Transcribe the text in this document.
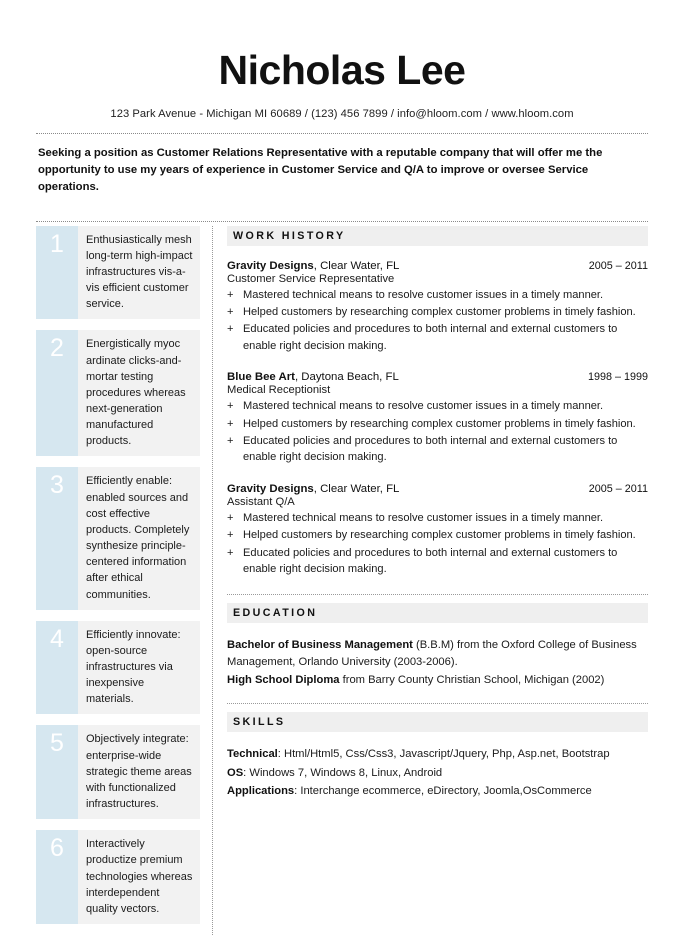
Nicholas Lee
123 Park Avenue - Michigan MI 60689 / (123) 456 7899 / info@hloom.com / www.hloom.com
Seeking a position as Customer Relations Representative with a reputable company that will offer me the opportunity to use my years of experience in Customer Service and Q/A to improve or oversee Service operations.
1	Enthusiastically mesh long-term high-impact infrastructures vis-a-vis efficient customer service.
2	Energistically myoc ardinate clicks-and-mortar testing procedures whereas next-generation manufactured products.
3	Efficiently enable: enabled sources and cost effective products. Completely synthesize principle-centered information after ethical communities.
4	Efficiently innovate: open-source infrastructures via inexpensive materials.
5	Objectively integrate: enterprise-wide strategic theme areas with functionalized infrastructures.
6	Interactively productize premium technologies whereas interdependent quality vectors.
WORK HISTORY
Gravity Designs, Clear Water, FL	2005 – 2011
Customer Service Representative
+ Mastered technical means to resolve customer issues in a timely manner.
+ Helped customers by researching complex customer problems in timely fashion.
+ Educated policies and procedures to both internal and external customers to enable right decision making.
Blue Bee Art, Daytona Beach, FL	1998 – 1999
Medical Receptionist
+ Mastered technical means to resolve customer issues in a timely manner.
+ Helped customers by researching complex customer problems in timely fashion.
+ Educated policies and procedures to both internal and external customers to enable right decision making.
Gravity Designs, Clear Water, FL	2005 – 2011
Assistant Q/A
+ Mastered technical means to resolve customer issues in a timely manner.
+ Helped customers by researching complex customer problems in timely fashion.
+ Educated policies and procedures to both internal and external customers to enable right decision making.
EDUCATION
Bachelor of Business Management (B.B.M) from the Oxford College of Business Management, Orlando University (2003-2006).
High School Diploma from Barry County Christian School, Michigan (2002)
SKILLS
Technical: Html/Html5, Css/Css3, Javascript/Jquery, Php, Asp.net, Bootstrap
OS: Windows 7, Windows 8, Linux, Android
Applications: Interchange ecommerce, eDirectory, Joomla,OsCommerce
